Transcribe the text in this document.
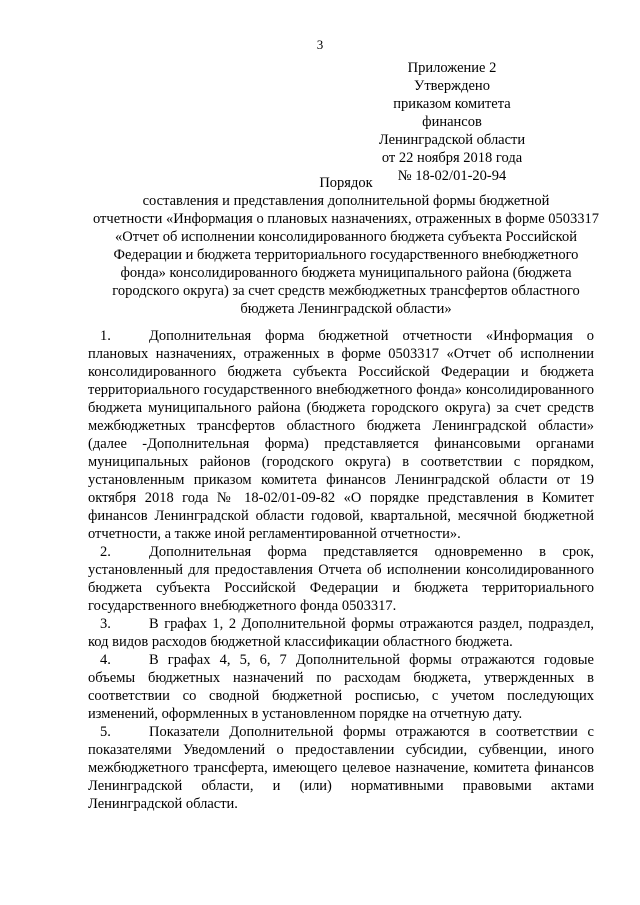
3
Приложение 2
Утверждено
приказом комитета финансов
Ленинградской области
от 22 ноября 2018 года
№ 18-02/01-20-94
Порядок
составления и представления дополнительной формы бюджетной
отчетности «Информация о плановых назначениях, отраженных в форме 0503317
«Отчет об исполнении консолидированного бюджета субъекта Российской
Федерации и бюджета территориального государственного внебюджетного
фонда» консолидированного бюджета муниципального района (бюджета
городского округа) за счет средств межбюджетных трансфертов областного
бюджета Ленинградской области»

1.	Дополнительная форма бюджетной отчетности «Информация о плановых назначениях, отраженных в форме 0503317 «Отчет об исполнении консолидированного бюджета субъекта Российской Федерации и бюджета территориального государственного внебюджетного фонда» консолидированного бюджета муниципального района (бюджета городского округа) за счет средств межбюджетных трансфертов областного бюджета Ленинградской области» (далее -Дополнительная форма) представляется финансовыми органами муниципальных районов (городского округа) в соответствии с порядком, установленным приказом комитета финансов Ленинградской области от 19 октября 2018 года № 18-02/01-09-82 «О порядке представления в Комитет финансов Ленинградской области годовой, квартальной, месячной бюджетной отчетности, а также иной регламентированной отчетности».

2.	Дополнительная форма представляется одновременно в срок, установленный для предоставления Отчета об исполнении консолидированного бюджета субъекта Российской Федерации и бюджета территориального государственного внебюджетного фонда 0503317.

3.	В графах 1, 2 Дополнительной формы отражаются раздел, подраздел, код видов расходов бюджетной классификации областного бюджета.

4.	В графах 4, 5, 6, 7 Дополнительной формы отражаются годовые объемы бюджетных назначений по расходам бюджета, утвержденных в соответствии со сводной бюджетной росписью, с учетом последующих изменений, оформленных в установленном порядке на отчетную дату.

5.	Показатели Дополнительной формы отражаются в соответствии с показателями Уведомлений о предоставлении субсидии, субвенции, иного межбюджетного трансферта, имеющего целевое назначение, комитета финансов Ленинградской области, и (или) нормативными правовыми актами Ленинградской области.
